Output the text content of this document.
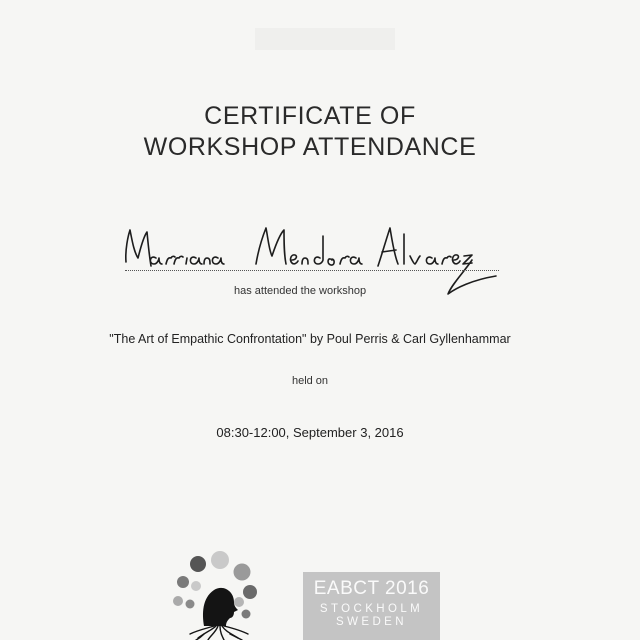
CERTIFICATE OF
WORKSHOP ATTENDANCE
has attended the workshop
"The Art of Empathic Confrontation" by Poul Perris & Carl Gyllenhammar
held on
08:30-12:00, September 3, 2016
EABCT 2016
STOCKHOLM
SWEDEN
